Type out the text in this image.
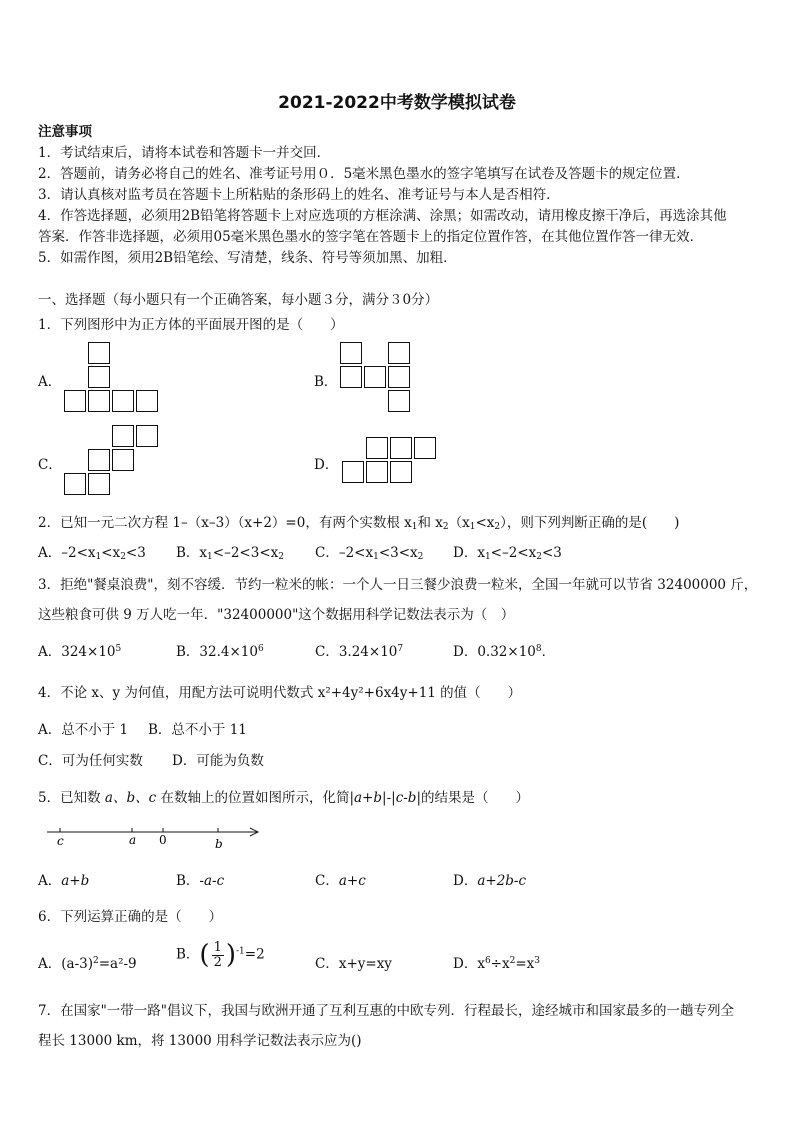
2021-2022中考数学模拟试卷
注意事项
1．考试结束后，请将本试卷和答题卡一并交回．
2．答题前，请务必将自己的姓名、准考证号用０．5毫米黑色墨水的签字笔填写在试卷及答题卡的规定位置．
3．请认真核对监考员在答题卡上所粘贴的条形码上的姓名、准考证号与本人是否相符．
4．作答选择题，必须用2B铅笔将答题卡上对应选项的方框涂满、涂黑；如需改动，请用橡皮擦干净后，再选涂其他
答案．作答非选择题，必须用05毫米黑色墨水的签字笔在答题卡上的指定位置作答，在其他位置作答一律无效．
5．如需作图，须用2B铅笔绘、写清楚，线条、符号等须加黑、加粗．
一、选择题（每小题只有一个正确答案，每小题３分，满分３0分）
1．下列图形中为正方体的平面展开图的是（　　）
A．	B．
C．	D．
2．已知一元二次方程 1–（x–3）（x+2）=0，有两个实数根 $x_1$和 $x_2(x_1<x_2)$，则下列判断正确的是(　　)
A．$-2<x_1<x_2<3$ B．$x_1<-2<3<x_2$ C．$-2<x_1<3<x_2$ D．$x_1<-2<x_2<3$
3．拒绝"餐桌浪费"，刻不容缓．节约一粒米的帐：一个人一日三餐少浪费一粒米，全国一年就可以节省 32400000 斤，
这些粮食可供 9 万人吃一年．"32400000"这个数据用科学记数法表示为（　）
A．$324\times 10^5$	B．$32.4\times 10^6$	C．$3.24\times 10^7$	D．$0.32\times 10^8$．
4．不论 x、y 为何值，用配方法可说明代数式 x²+4y²+6x4y+11 的值（　　）
A．总不小于 1 B．总不小于 11
C．可为任何实数 D．可能为负数
5．已知数 a、b、c 在数轴上的位置如图所示，化简|a+b|-|c-b|的结果是（　　）
c	a 0	b
A．a+b	B．-a-c	C．a+c	D．a+2b-c
6．下列运算正确的是（　　）
A．$(a-3)^2=a^2-9$
B．( $\frac{1}{2} )^{-1}=2$
C．x+y=xy	D．$x^6\div x^2=x^3$
7．在国家"一带一路"倡议下，我国与欧洲开通了互利互惠的中欧专列．行程最长，途经城市和国家最多的一趟专列全
程长 13000 km，将 13000 用科学记数法表示应为()
